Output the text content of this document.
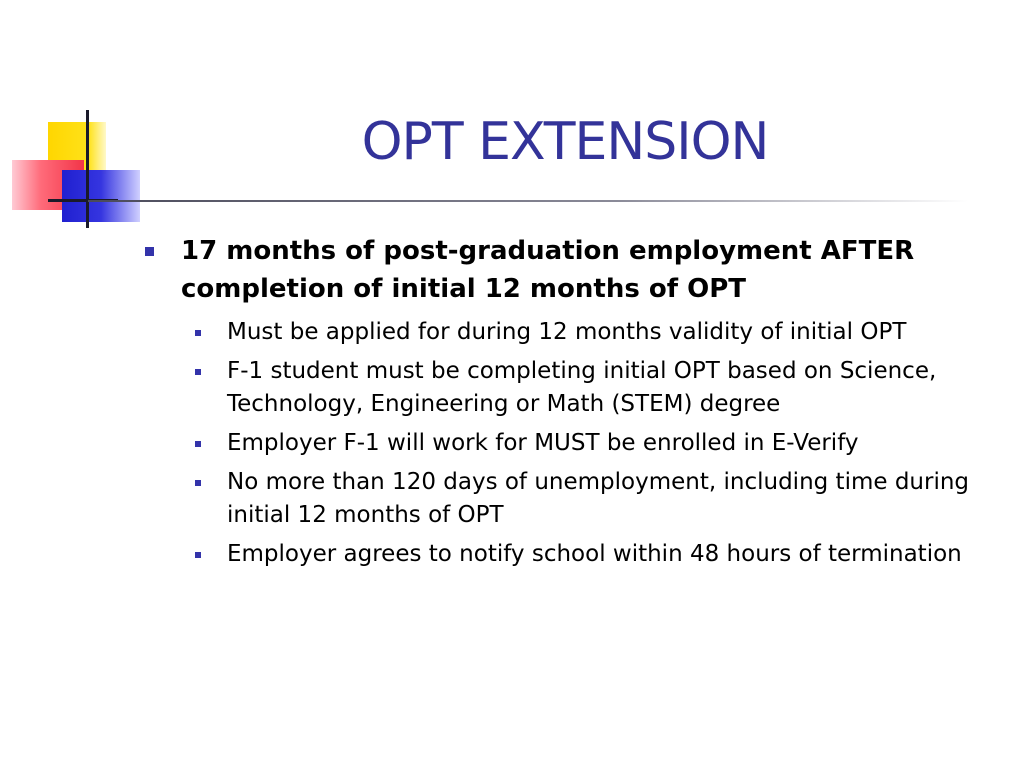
OPT EXTENSION
17 months of post-graduation employment AFTER completion of initial 12 months of OPT
Must be applied for during 12 months validity of initial OPT
F-1 student must be completing initial OPT based on Science, Technology, Engineering or Math (STEM) degree
Employer F-1 will work for MUST be enrolled in E-Verify
No more than 120 days of unemployment, including time during initial 12 months of OPT
Employer agrees to notify school within 48 hours of termination
